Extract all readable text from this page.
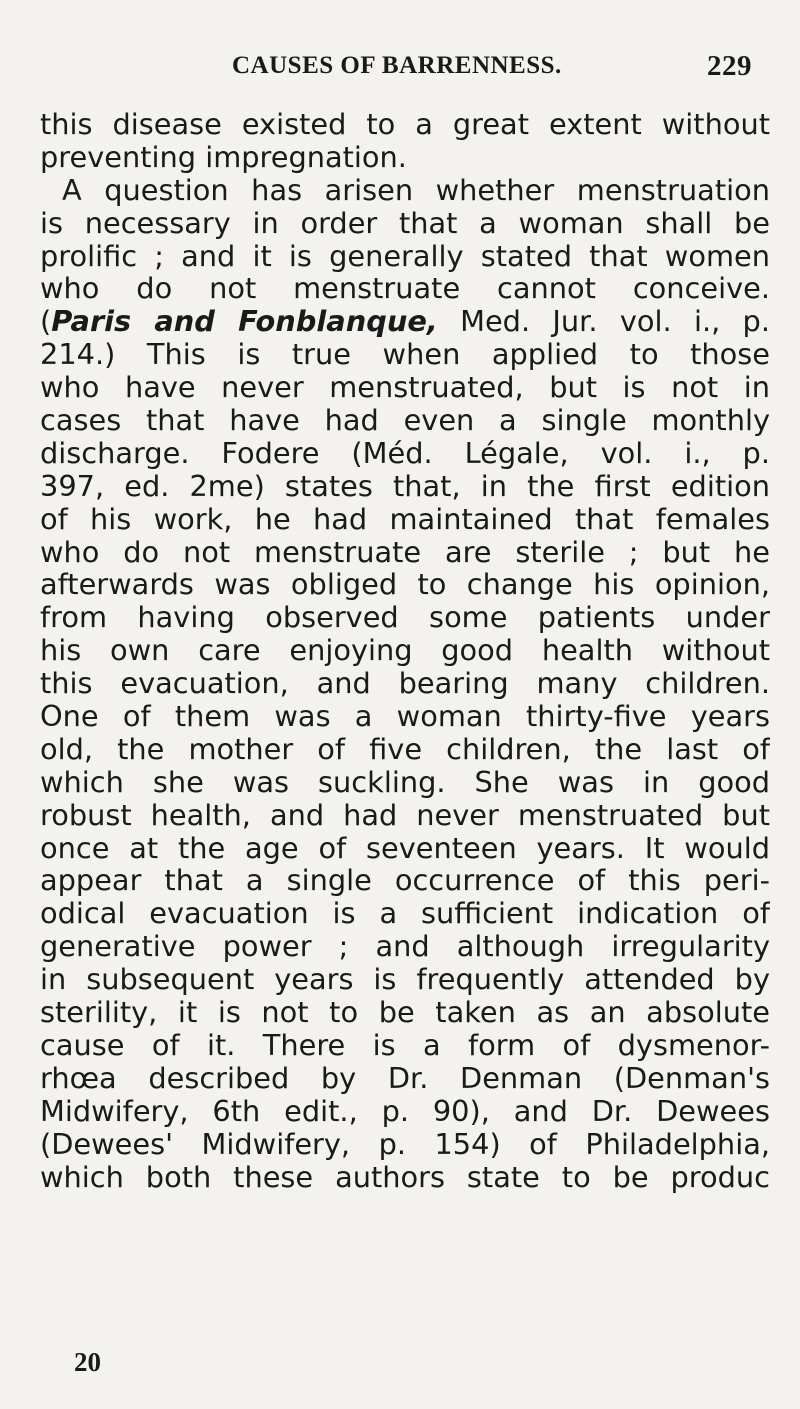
CAUSES OF BARRENNESS.	229
this disease existed to a great extent without
preventing impregnation.
A question has arisen whether menstruation
is necessary in order that a woman shall be
prolific ; and it is generally stated that women
who do not menstruate cannot conceive.
(Paris and Fonblanque, Med. Jur. vol. i., p.
214.) This is true when applied to those
who have never menstruated, but is not in
cases that have had even a single monthly
discharge. Fodere (Méd. Légale, vol. i., p.
397, ed. 2me) states that, in the first edition
of his work, he had maintained that females
who do not menstruate are sterile ; but he
afterwards was obliged to change his opinion,
from having observed some patients under
his own care enjoying good health without
this evacuation, and bearing many children.
One of them was a woman thirty-five years
old, the mother of five children, the last of
which she was suckling. She was in good
robust health, and had never menstruated but
once at the age of seventeen years. It would
appear that a single occurrence of this peri-
odical evacuation is a sufficient indication of
generative power ; and although irregularity
in subsequent years is frequently attended by
sterility, it is not to be taken as an absolute
cause of it. There is a form of dysmenor-
rhœa described by Dr. Denman (Denman's
Midwifery, 6th edit., p. 90), and Dr. Dewees
(Dewees' Midwifery, p. 154) of Philadelphia,
which both these authors state to be produc
20
